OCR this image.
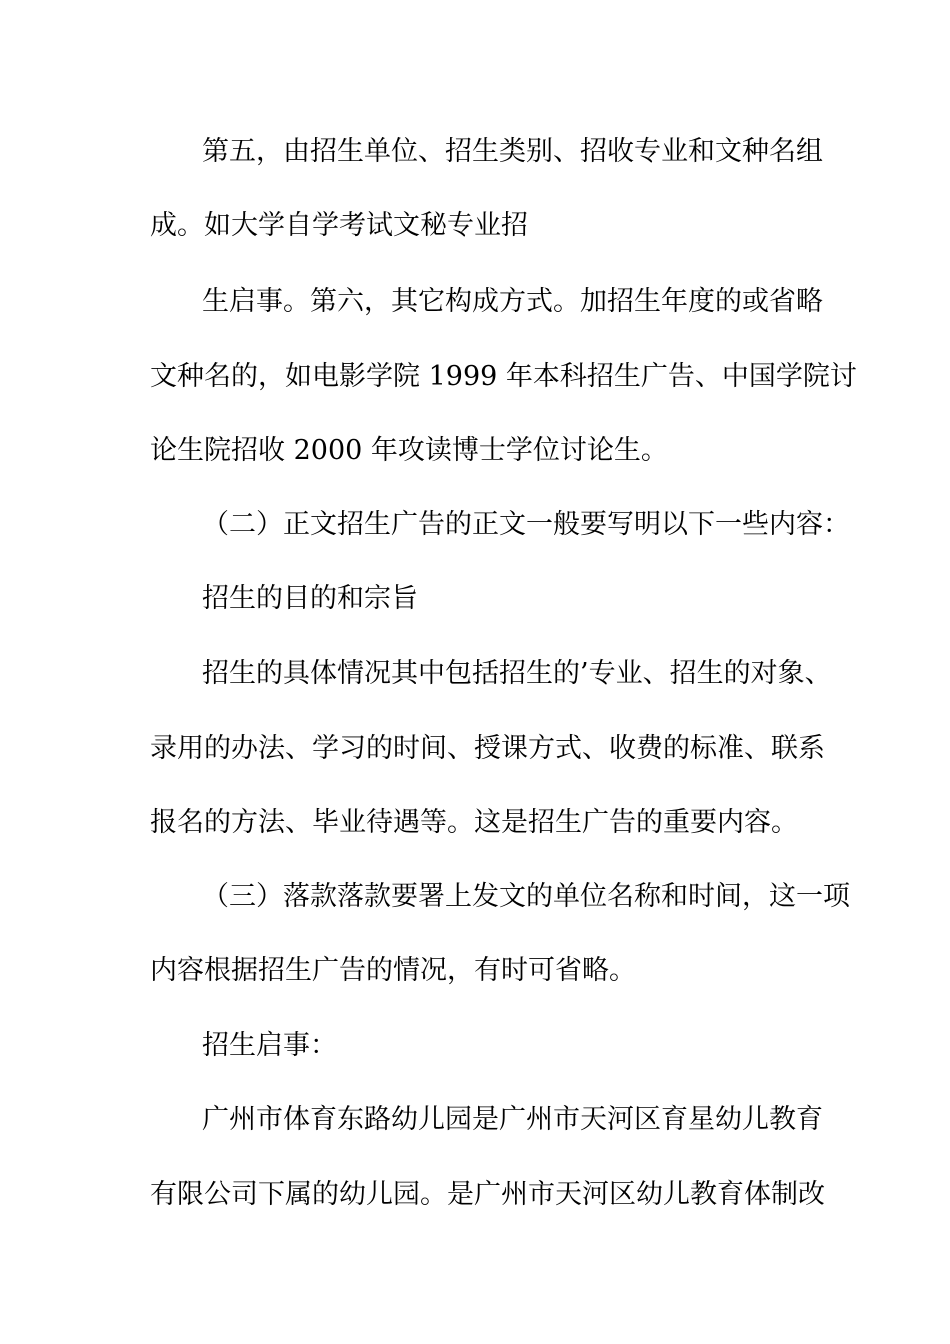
第五，由招生单位、招生类别、招收专业和文种名组
成。如大学自学考试文秘专业招
生启事。第六，其它构成方式。加招生年度的或省略
文种名的，如电影学院 1999 年本科招生广告、中国学院讨
论生院招收 2000 年攻读博士学位讨论生。
（二）正文招生广告的正文一般要写明以下一些内容：
招生的目的和宗旨
招生的具体情况其中包括招生的’专业、招生的对象、
录用的办法、学习的时间、授课方式、收费的标准、联系
报名的方法、毕业待遇等。这是招生广告的重要内容。
（三）落款落款要署上发文的单位名称和时间，这一项
内容根据招生广告的情况，有时可省略。
招生启事：
广州市体育东路幼儿园是广州市天河区育星幼儿教育
有限公司下属的幼儿园。是广州市天河区幼儿教育体制改
